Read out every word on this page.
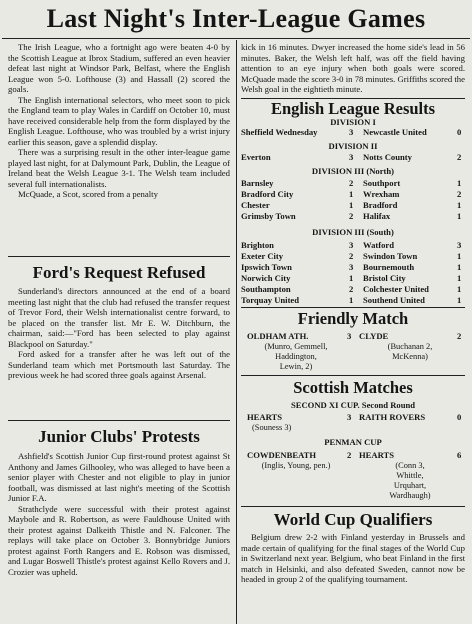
Last Night's Inter-League Games

The Irish League, who a fortnight ago were beaten 4-0 by the Scottish League at Ibrox Stadium, suffered an even heavier defeat last night at Windsor Park, Belfast, where the English League won 5-0. Lofthouse (3) and Hassall (2) scored the goals.

The English international selectors, who meet soon to pick the England team to play Wales in Cardiff on October 10, must have received considerable help from the form displayed by the English League. Lofthouse, who was troubled by a wrist injury earlier this season, gave a splendid display.

There was a surprising result in the other inter-league game played last night, for at Dalymount Park, Dublin, the League of Ireland beat the Welsh League 3-1. The Welsh team included several full internationalists.

McQuade, a Scot, scored from a penalty

Ford's Request Refused

Sunderland's directors announced at the end of a board meeting last night that the club had refused the transfer request of Trevor Ford, their Welsh internationalist centre forward, to be placed on the transfer list. Mr E. W. Ditchburn, the chairman, said:—"Ford has been selected to play against Blackpool on Saturday."

Ford asked for a transfer after he was left out of the Sunderland team which met Portsmouth last Saturday. The previous week he had scored three goals against Arsenal.

Junior Clubs' Protests

Ashfield's Scottish Junior Cup first-round protest against St Anthony and James Gilhooley, who was alleged to have been a senior player with Chester and not eligible to play in junior football, was dismissed at last night's meeting of the Scottish Junior F.A.

Strathclyde were successful with their protest against Maybole and R. Robertson, as were Fauldhouse United with their protest against Dalkeith Thistle and N. Falconer. The replays will take place on October 3. Bonnybridge Juniors protest against Forth Rangers and E. Robson was dismissed, and Lugar Boswell Thistle's protest against Kello Rovers and J. Crozier was upheld.

kick in 16 minutes. Dwyer increased the home side's lead in 56 minutes. Baker, the Welsh left half, was off the field having attention to an eye injury when both goals were scored. McQuade made the score 3-0 in 78 minutes. Griffiths scored the Welsh goal in the eightieth minute.

English League Results
DIVISION I
Sheffield Wednesday	3 Newcastle United	0
DIVISION II
Everton	3 Notts County	2
DIVISION III (North)
Barnsley	2 Southport	1
Bradford City	1 Wrexham	2
Chester	1 Bradford	1
Grimsby Town	2 Halifax	1
DIVISION III (South)
Brighton	3 Watford	3
Exeter City	2 Swindon Town	1
Ipswich Town	3 Bournemouth	1
Norwich City	1 Bristol City	1
Southampton	2 Colchester United	1
Torquay United	1 Southend United	1
Friendly Match
OLDHAM ATH.	3 CLYDE	2
(Munro, Gemmell,
Haddington,
Lewin, 2)
(Buchanan 2,
McKenna)
Scottish Matches
SECOND XI CUP. Second Round
HEARTS	3 RAITH ROVERS	0
(Souness 3)
PENMAN CUP
COWDENBEATH	2 HEARTS	6
(Inglis, Young, pen.)	(Conn 3,
Whittle,
Urquhart,
Wardhaugh)
World Cup Qualifiers

Belgium drew 2-2 with Finland yesterday in Brussels and made certain of qualifying for the final stages of the World Cup in Switzerland next year. Belgium, who beat Finland in the first match in Helsinki, and also defeated Sweden, cannot now be headed in group 2 of the qualifying tournament.
